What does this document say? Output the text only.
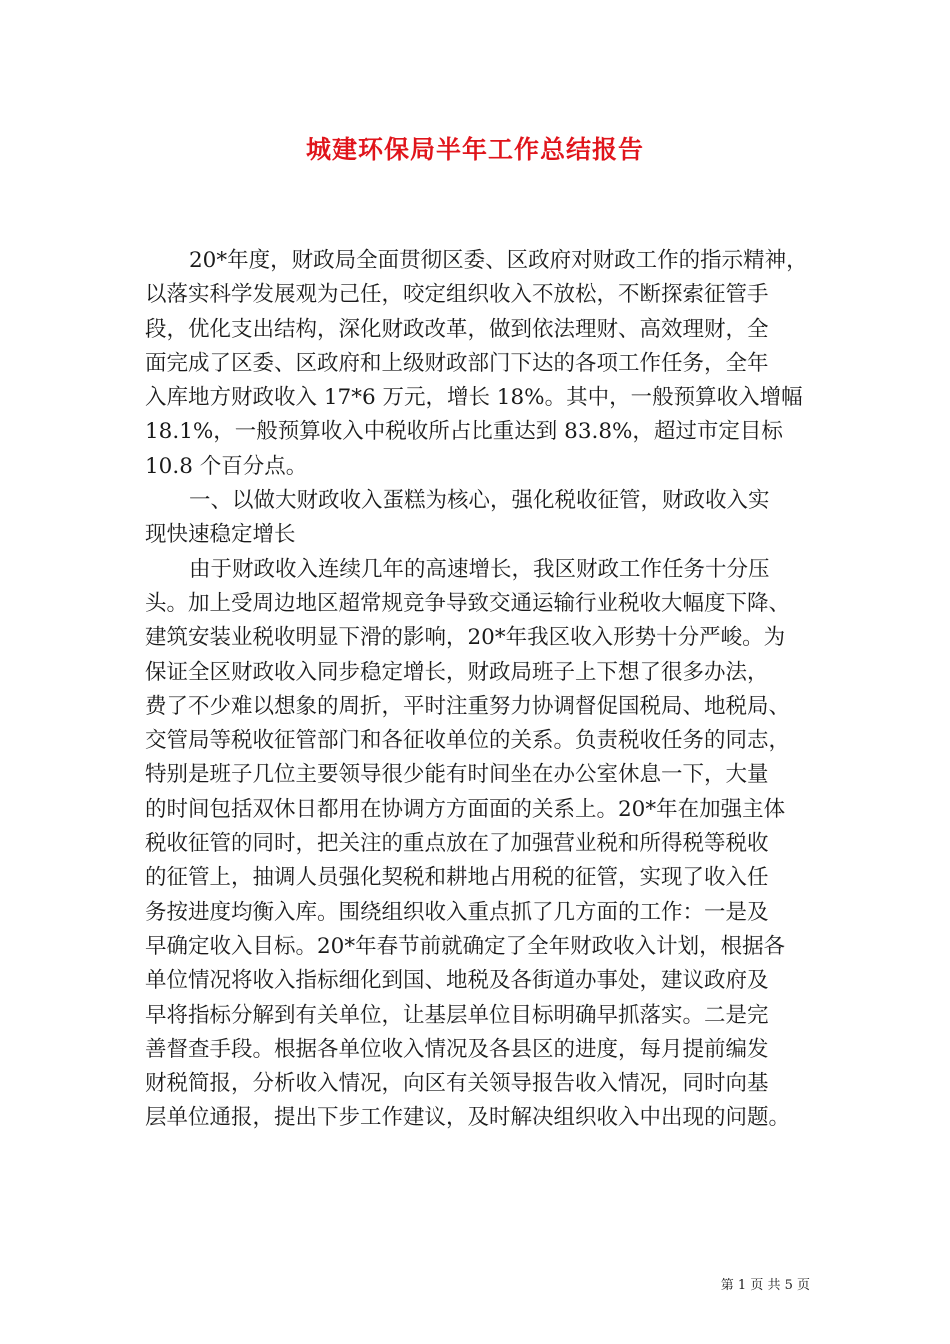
城建环保局半年工作总结报告
20*年度，财政局全面贯彻区委、区政府对财政工作的指示精神，
以落实科学发展观为己任，咬定组织收入不放松，不断探索征管手
段，优化支出结构，深化财政改革，做到依法理财、高效理财，全
面完成了区委、区政府和上级财政部门下达的各项工作任务，全年
入库地方财政收入 17*6 万元，增长 18%。其中，一般预算收入增幅
18.1%，一般预算收入中税收所占比重达到 83.8%，超过市定目标
10.8 个百分点。
一、以做大财政收入蛋糕为核心，强化税收征管，财政收入实
现快速稳定增长
由于财政收入连续几年的高速增长，我区财政工作任务十分压
头。加上受周边地区超常规竞争导致交通运输行业税收大幅度下降、
建筑安装业税收明显下滑的影响，20*年我区收入形势十分严峻。为
保证全区财政收入同步稳定增长，财政局班子上下想了很多办法，
费了不少难以想象的周折，平时注重努力协调督促国税局、地税局、
交管局等税收征管部门和各征收单位的关系。负责税收任务的同志，
特别是班子几位主要领导很少能有时间坐在办公室休息一下，大量
的时间包括双休日都用在协调方方面面的关系上。20*年在加强主体
税收征管的同时，把关注的重点放在了加强营业税和所得税等税收
的征管上，抽调人员强化契税和耕地占用税的征管，实现了收入任
务按进度均衡入库。围绕组织收入重点抓了几方面的工作：一是及
早确定收入目标。20*年春节前就确定了全年财政收入计划，根据各
单位情况将收入指标细化到国、地税及各街道办事处，建议政府及
早将指标分解到有关单位，让基层单位目标明确早抓落实。二是完
善督查手段。根据各单位收入情况及各县区的进度，每月提前编发
财税简报，分析收入情况，向区有关领导报告收入情况，同时向基
层单位通报，提出下步工作建议，及时解决组织收入中出现的问题。
第 1 页 共 5 页
